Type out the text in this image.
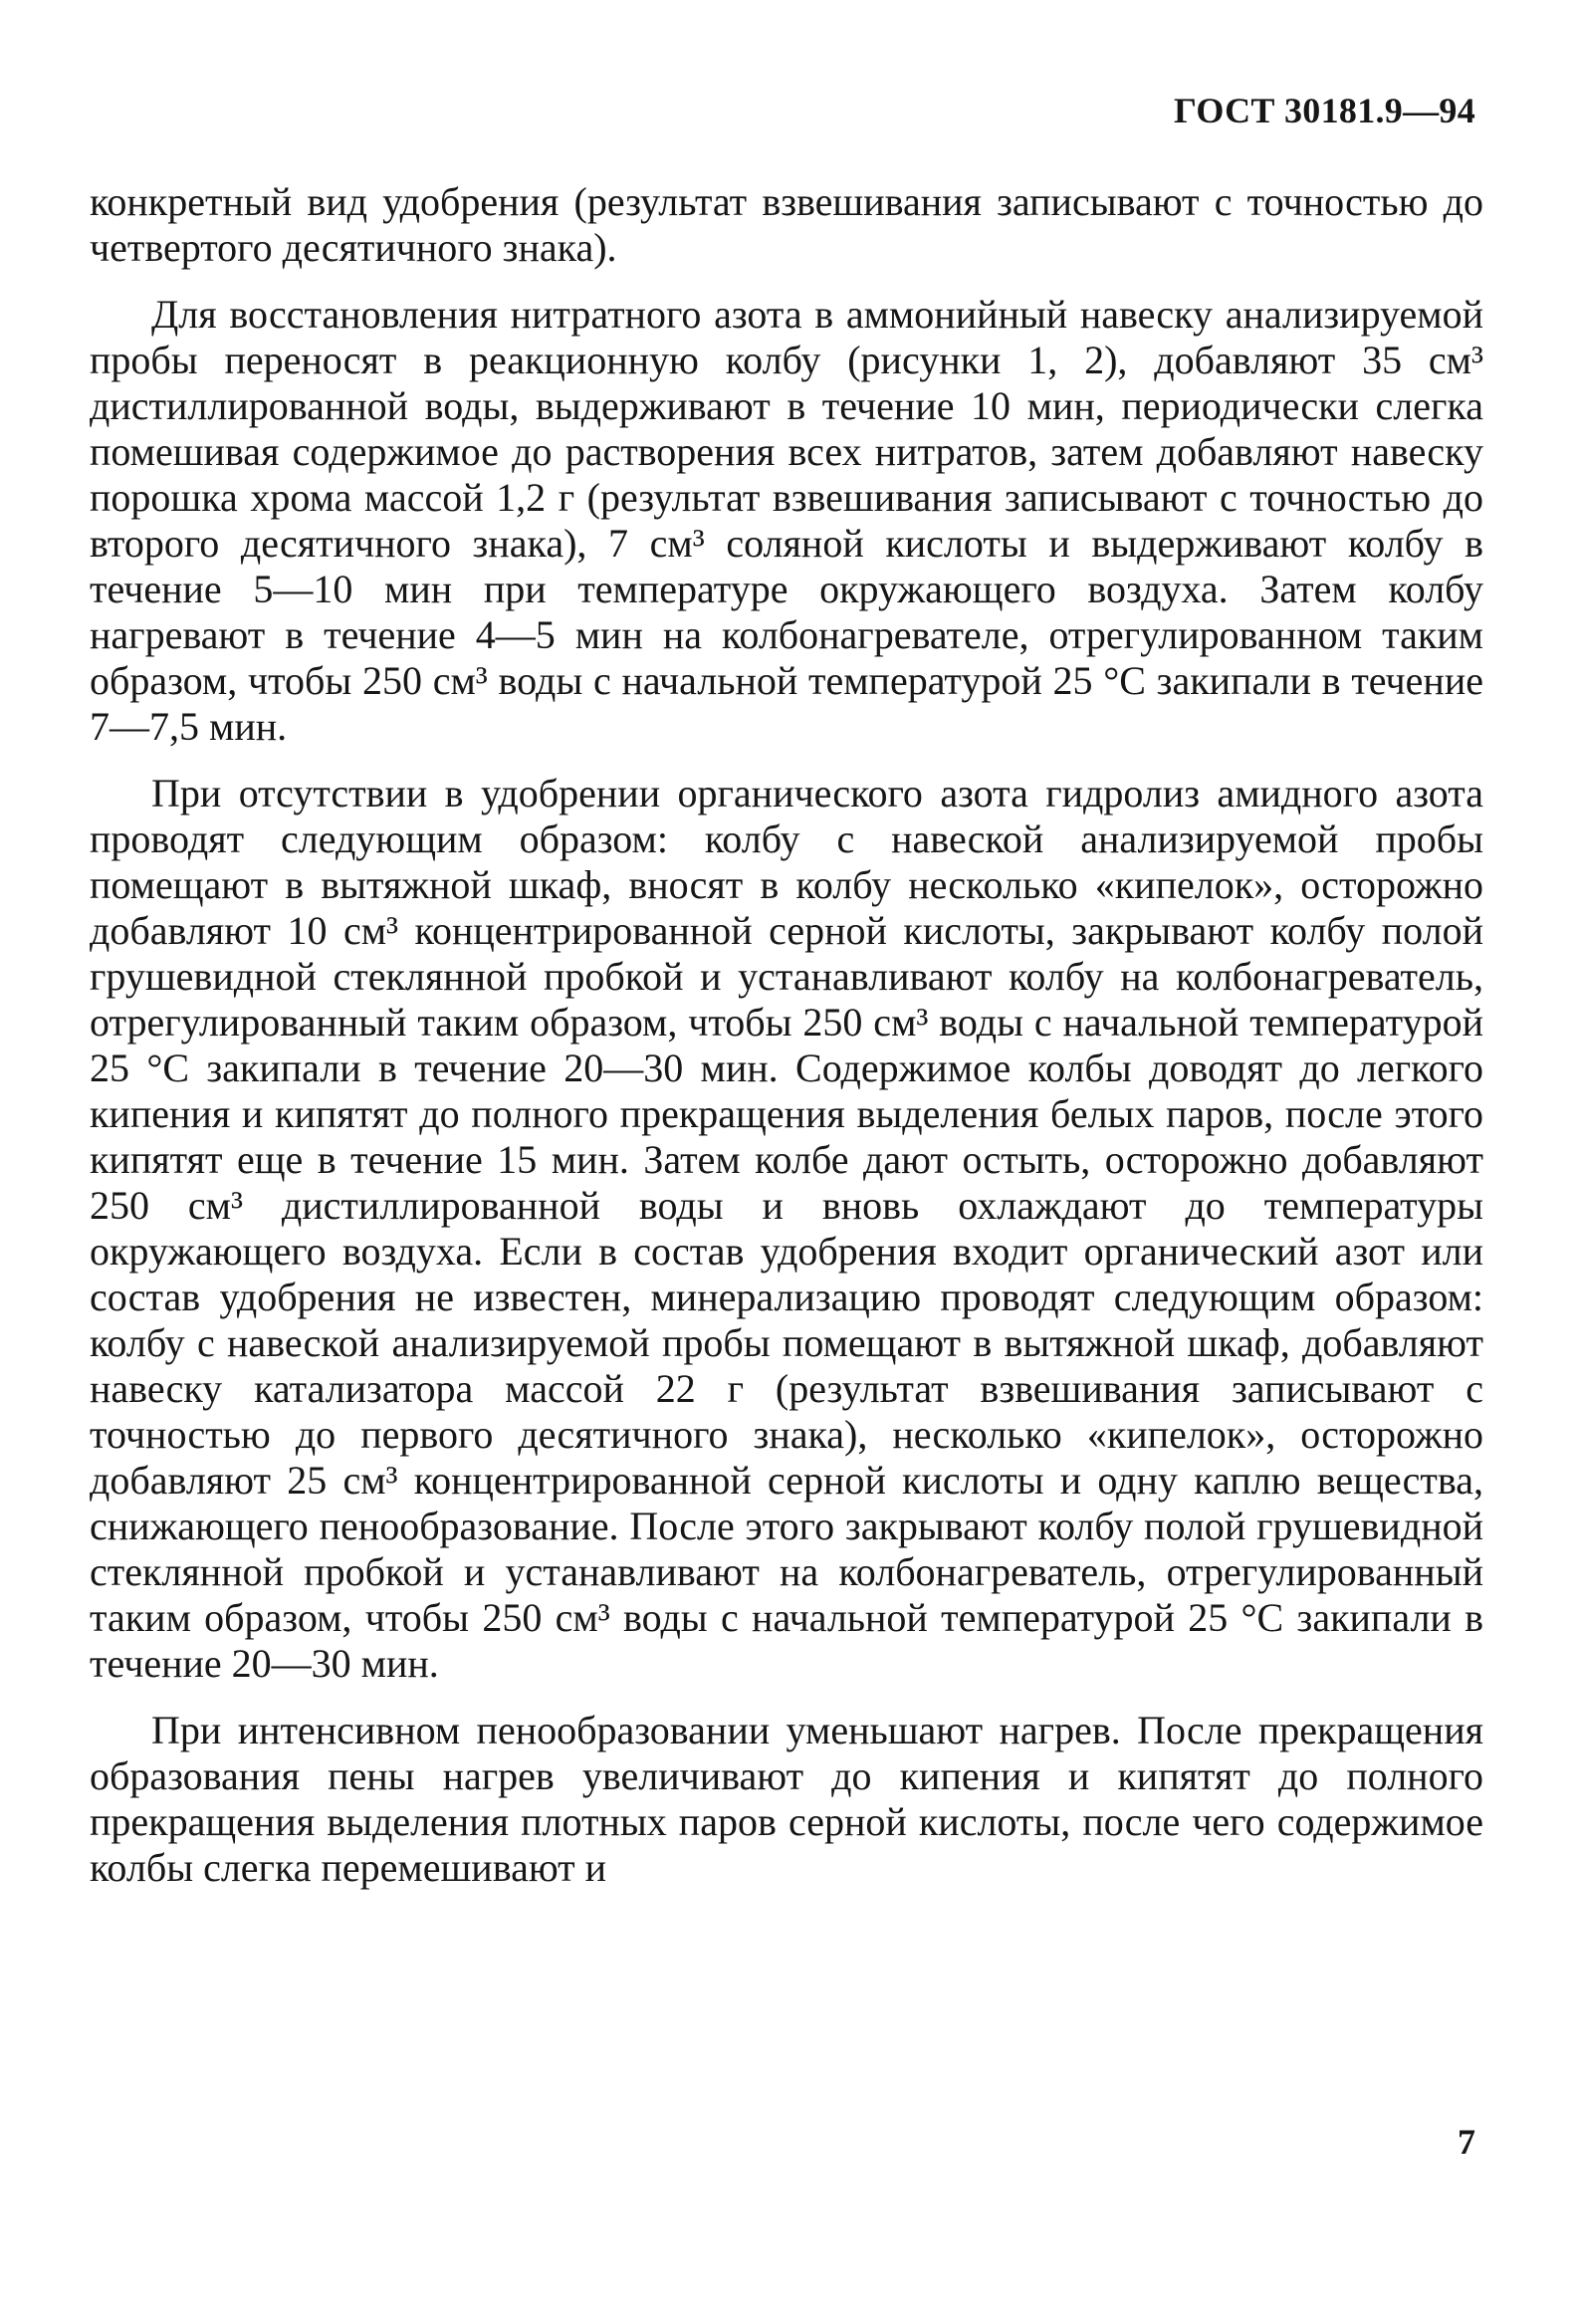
ГОСТ 30181.9—94

конкретный вид удобрения (результат взвешивания записывают с точностью до четвертого десятичного знака).

Для восстановления нитратного азота в аммонийный навеску анализируемой пробы переносят в реакционную колбу (рисунки 1, 2), добавляют 35 см³ дистиллированной воды, выдерживают в течение 10 мин, периодически слегка помешивая содержимое до растворения всех нитратов, затем добавляют навеску порошка хрома массой 1,2 г (результат взвешивания записывают с точностью до второго десятичного знака), 7 см³ соляной кислоты и выдерживают колбу в течение 5—10 мин при температуре окружающего воздуха. Затем колбу нагревают в течение 4—5 мин на колбонагревателе, отрегулированном таким образом, чтобы 250 см³ воды с начальной температурой 25 °С закипали в течение 7—7,5 мин.

При отсутствии в удобрении органического азота гидролиз амидного азота проводят следующим образом: колбу с навеской анализируемой пробы помещают в вытяжной шкаф, вносят в колбу несколько «кипелок», осторожно добавляют 10 см³ концентрированной серной кислоты, закрывают колбу полой грушевидной стеклянной пробкой и устанавливают колбу на колбонагреватель, отрегулированный таким образом, чтобы 250 см³ воды с начальной температурой 25 °С закипали в течение 20—30 мин. Содержимое колбы доводят до легкого кипения и кипятят до полного прекращения выделения белых паров, после этого кипятят еще в течение 15 мин. Затем колбе дают остыть, осторожно добавляют 250 см³ дистиллированной воды и вновь охлаждают до температуры окружающего воздуха. Если в состав удобрения входит органический азот или состав удобрения не известен, минерализацию проводят следующим образом: колбу с навеской анализируемой пробы помещают в вытяжной шкаф, добавляют навеску катализатора массой 22 г (результат взвешивания записывают с точностью до первого десятичного знака), несколько «кипелок», осторожно добавляют 25 см³ концентрированной серной кислоты и одну каплю вещества, снижающего пенообразование. После этого закрывают колбу полой грушевидной стеклянной пробкой и устанавливают на колбонагреватель, отрегулированный таким образом, чтобы 250 см³ воды с начальной температурой 25 °С закипали в течение 20—30 мин.

При интенсивном пенообразовании уменьшают нагрев. После прекращения образования пены нагрев увеличивают до кипения и кипятят до полного прекращения выделения плотных паров серной кислоты, после чего содержимое колбы слегка перемешивают и

7
